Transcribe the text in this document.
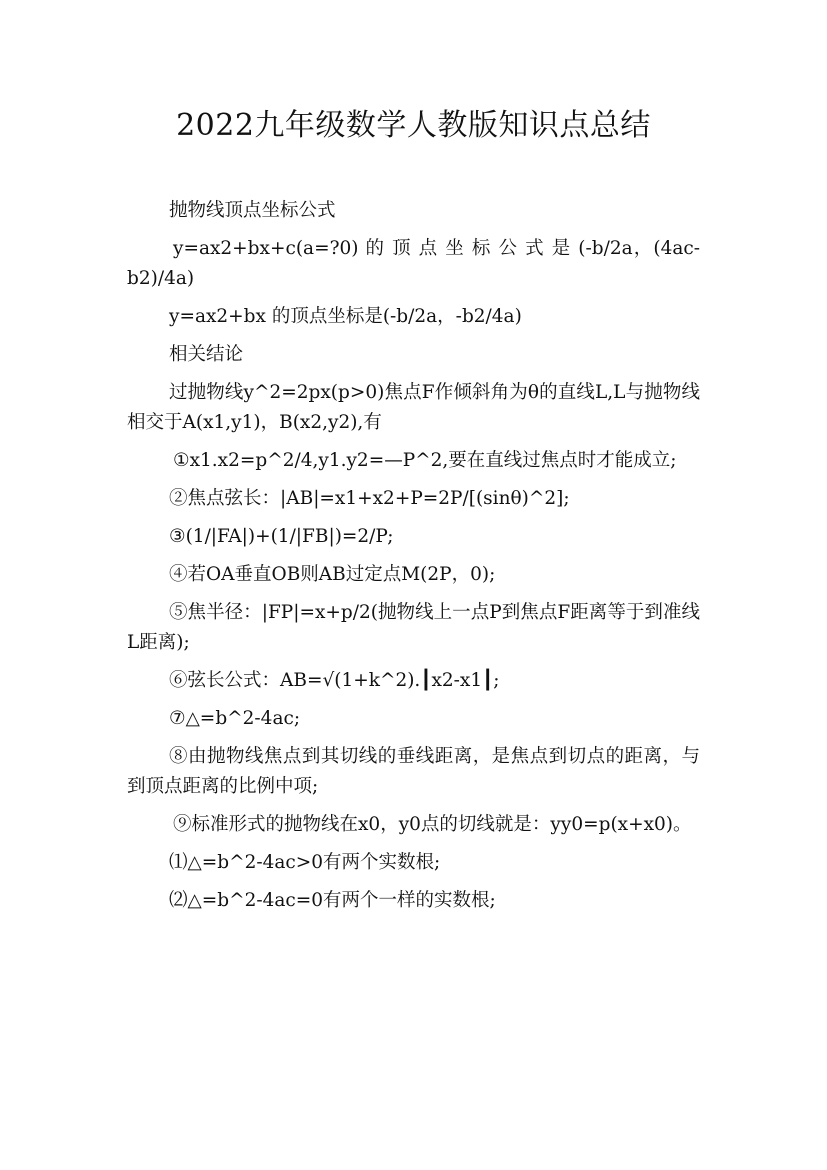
2022九年级数学人教版知识点总结

抛物线顶点坐标公式

y=ax2+bx+c(a=?0) 的 顶 点 坐 标 公 式 是 (-b/2a，(4ac-b2)/4a)

y=ax2+bx 的顶点坐标是(-b/2a，-b2/4a)

相关结论

过抛物线y^2=2px(p>0)焦点F作倾斜角为θ的直线L,L与抛物线相交于A(x1,y1)，B(x2,y2),有

①x1.x2=p^2/4,y1.y2=—P^2,要在直线过焦点时才能成立;

②焦点弦长：|AB|=x1+x2+P=2P/[(sinθ)^2];

③(1/|FA|)+(1/|FB|)=2/P;

④若OA垂直OB则AB过定点M(2P，0);

⑤焦半径：|FP|=x+p/2(抛物线上一点P到焦点F距离等于到准线L距离);

⑥弦长公式：AB=√(1+k^2).┃x2-x1┃;

⑦△=b^2-4ac;

⑧由抛物线焦点到其切线的垂线距离，是焦点到切点的距离，与到顶点距离的比例中项;

⑨标准形式的抛物线在x0，y0点的切线就是：yy0=p(x+x0)。

⑴△=b^2-4ac>0有两个实数根;

⑵△=b^2-4ac=0有两个一样的实数根;
